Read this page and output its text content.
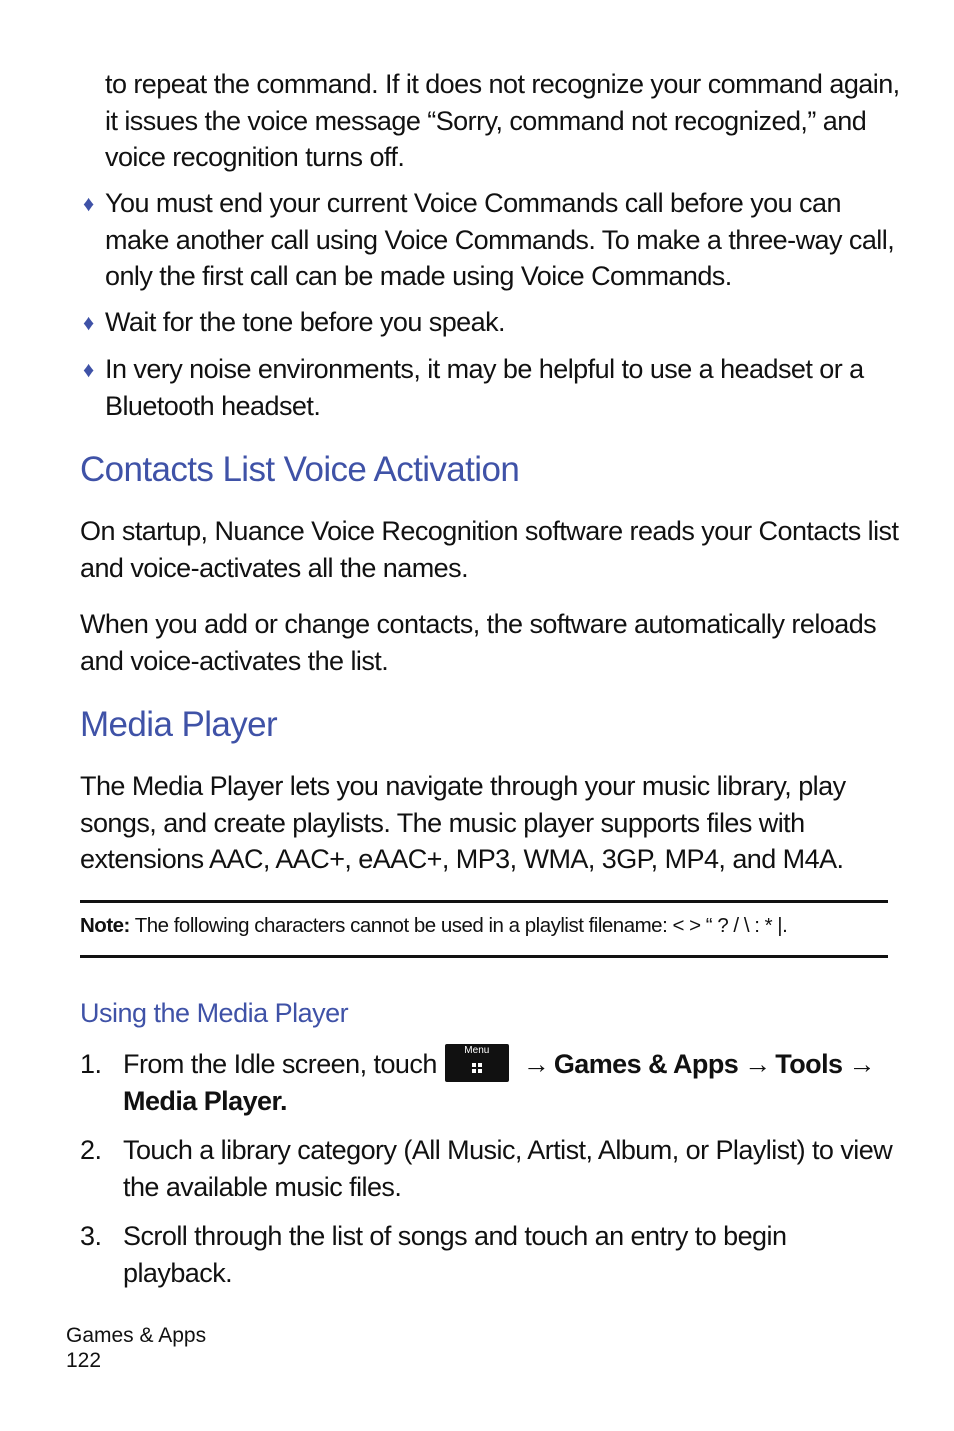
to repeat the command. If it does not recognize your command again, it issues the voice message “Sorry, command not recognized,” and voice recognition turns off.

♦ You must end your current Voice Commands call before you can make another call using Voice Commands. To make a three-way call, only the first call can be made using Voice Commands.
♦ Wait for the tone before you speak.
♦ In very noise environments, it may be helpful to use a headset or a Bluetooth headset.
Contacts List Voice Activation

On startup, Nuance Voice Recognition software reads your Contacts list and voice-activates all the names.

When you add or change contacts, the software automatically reloads and voice-activates the list.

Media Player

The Media Player lets you navigate through your music library, play songs, and create playlists. The music player supports files with extensions AAC, AAC+, eAAC+, MP3, WMA, 3GP, MP4, and M4A.

Note: The following characters cannot be used in a playlist filename: < > “ ? / \ : * |.

Using the Media Player
1. From the Idle screen, touch	Menu	→ Games & Apps → Tools →
Media Player.
2. Touch a library category (All Music, Artist, Album, or Playlist) to view the available music files.
3. Scroll through the list of songs and touch an entry to begin playback.
Games & Apps
122
